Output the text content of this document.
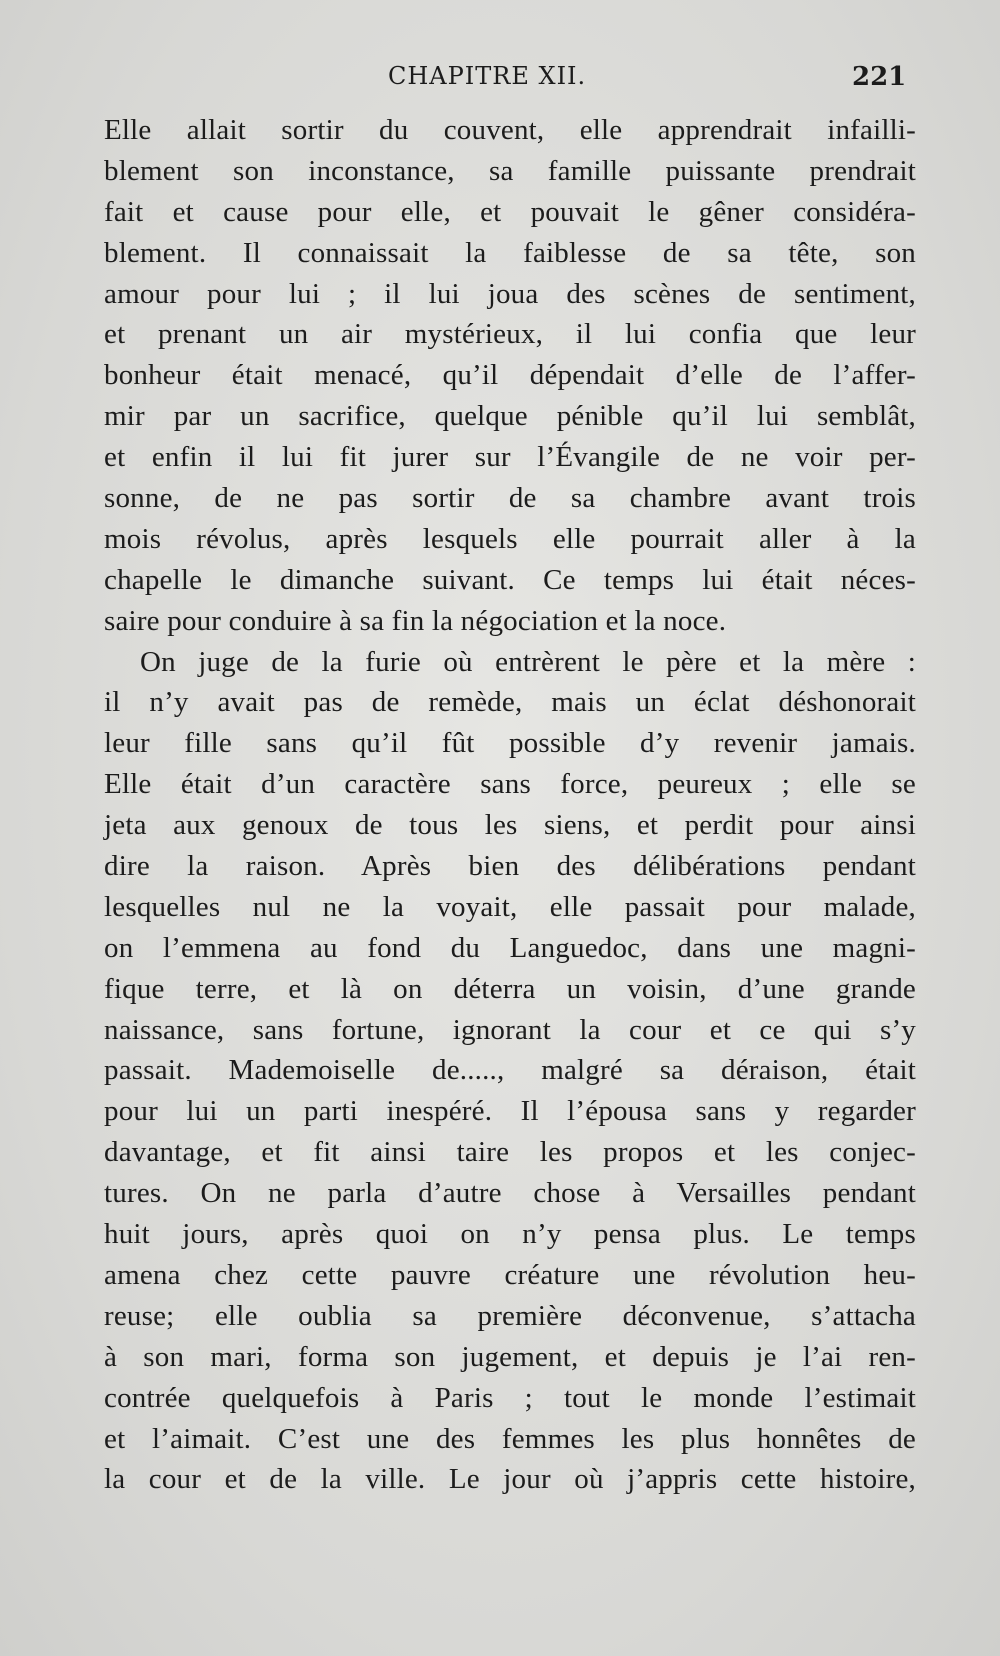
CHAPITRE XII.	221
Elle allait sortir du couvent, elle apprendrait infailli-
blement son inconstance, sa famille puissante prendrait
fait et cause pour elle, et pouvait le gêner considéra-
blement. Il connaissait la faiblesse de sa tête, son
amour pour lui ; il lui joua des scènes de sentiment,
et prenant un air mystérieux, il lui confia que leur
bonheur était menacé, qu’il dépendait d’elle de l’affer-
mir par un sacrifice, quelque pénible qu’il lui semblât,
et enfin il lui fit jurer sur l’Évangile de ne voir per-
sonne, de ne pas sortir de sa chambre avant trois
mois révolus, après lesquels elle pourrait aller à la
chapelle le dimanche suivant. Ce temps lui était néces-
saire pour conduire à sa fin la négociation et la noce.
On juge de la furie où entrèrent le père et la mère :
il n’y avait pas de remède, mais un éclat déshonorait
leur fille sans qu’il fût possible d’y revenir jamais.
Elle était d’un caractère sans force, peureux ; elle se
jeta aux genoux de tous les siens, et perdit pour ainsi
dire la raison. Après bien des délibérations pendant
lesquelles nul ne la voyait, elle passait pour malade,
on l’emmena au fond du Languedoc, dans une magni-
fique terre, et là on déterra un voisin, d’une grande
naissance, sans fortune, ignorant la cour et ce qui s’y
passait. Mademoiselle de....., malgré sa déraison, était
pour lui un parti inespéré. Il l’épousa sans y regarder
davantage, et fit ainsi taire les propos et les conjec-
tures. On ne parla d’autre chose à Versailles pendant
huit jours, après quoi on n’y pensa plus. Le temps
amena chez cette pauvre créature une révolution heu-
reuse; elle oublia sa première déconvenue, s’attacha
à son mari, forma son jugement, et depuis je l’ai ren-
contrée quelquefois à Paris ; tout le monde l’estimait
et l’aimait. C’est une des femmes les plus honnêtes de
la cour et de la ville. Le jour où j’appris cette histoire,
